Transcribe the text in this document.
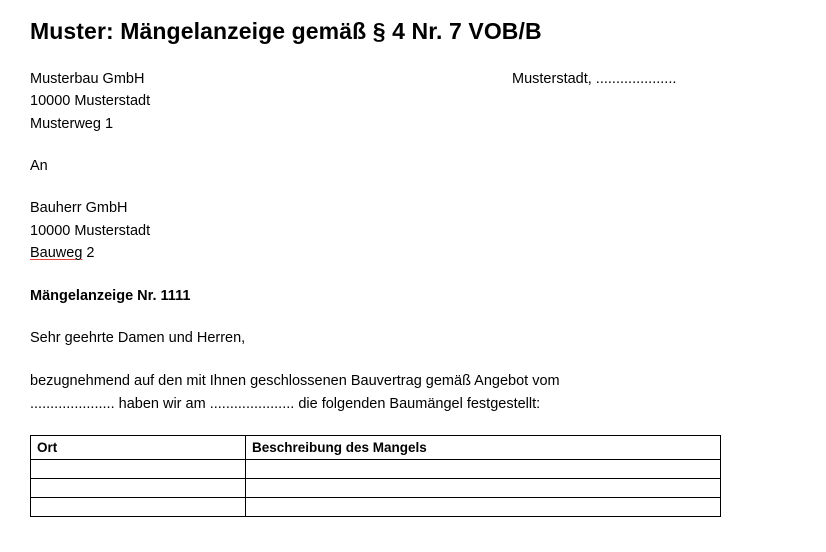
Muster: Mängelanzeige gemäß § 4 Nr. 7 VOB/B
Musterbau GmbH
10000 Musterstadt
Musterweg 1
Musterstadt, ....................
An
Bauherr GmbH
10000 Musterstadt
Bauweg 2
Mängelanzeige Nr. 1111
Sehr geehrte Damen und Herren,
bezugnehmend auf den mit Ihnen geschlossenen Bauvertrag gemäß Angebot vom
..................... haben wir am ..................... die folgenden Baumängel festgestellt:
Ort	Beschreibung des Mangels
